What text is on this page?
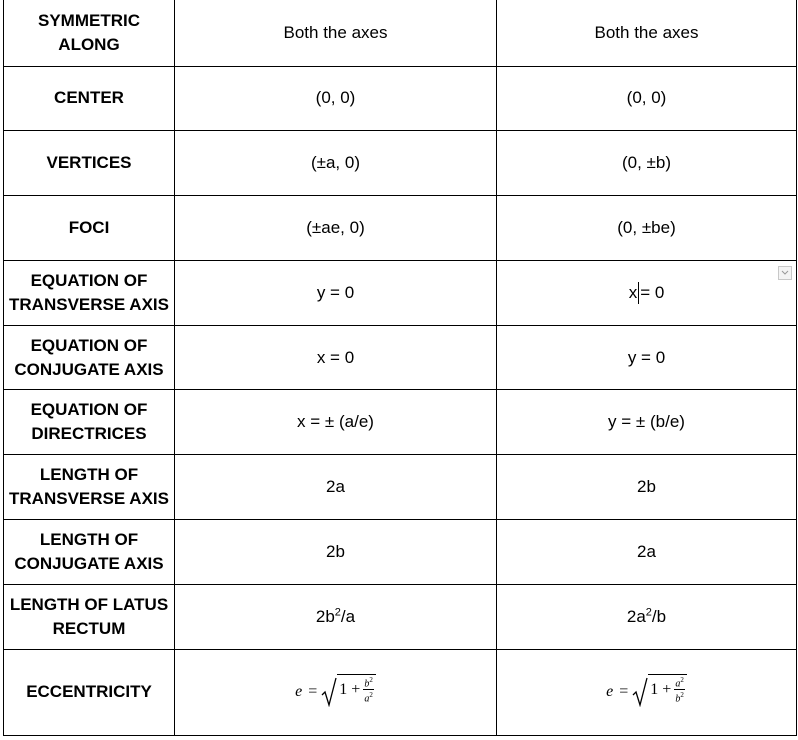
SYMMETRIC
ALONG	Both the axes	Both the axes
CENTER	(0, 0)	(0, 0)
VERTICES	(±a, 0)	(0, ±b)
FOCI	(±ae, 0)	(0, ±be)
EQUATION OF
TRANSVERSE AXIS	y = 0	x = 0
EQUATION OF
CONJUGATE AXIS	x = 0	y = 0
EQUATION OF
DIRECTRICES	x = ± (a/e)	y = ± (b/e)
LENGTH OF
TRANSVERSE AXIS	2a	2b
LENGTH OF
CONJUGATE AXIS	2b	2a
LENGTH OF LATUS
RECTUM	$2b^2/a$	$2a^2/b$
ECCENTRICITY	$e = 1 + \frac{b^2}{a^2}$	$e = 1 + \frac{a^2}{b^2}$
